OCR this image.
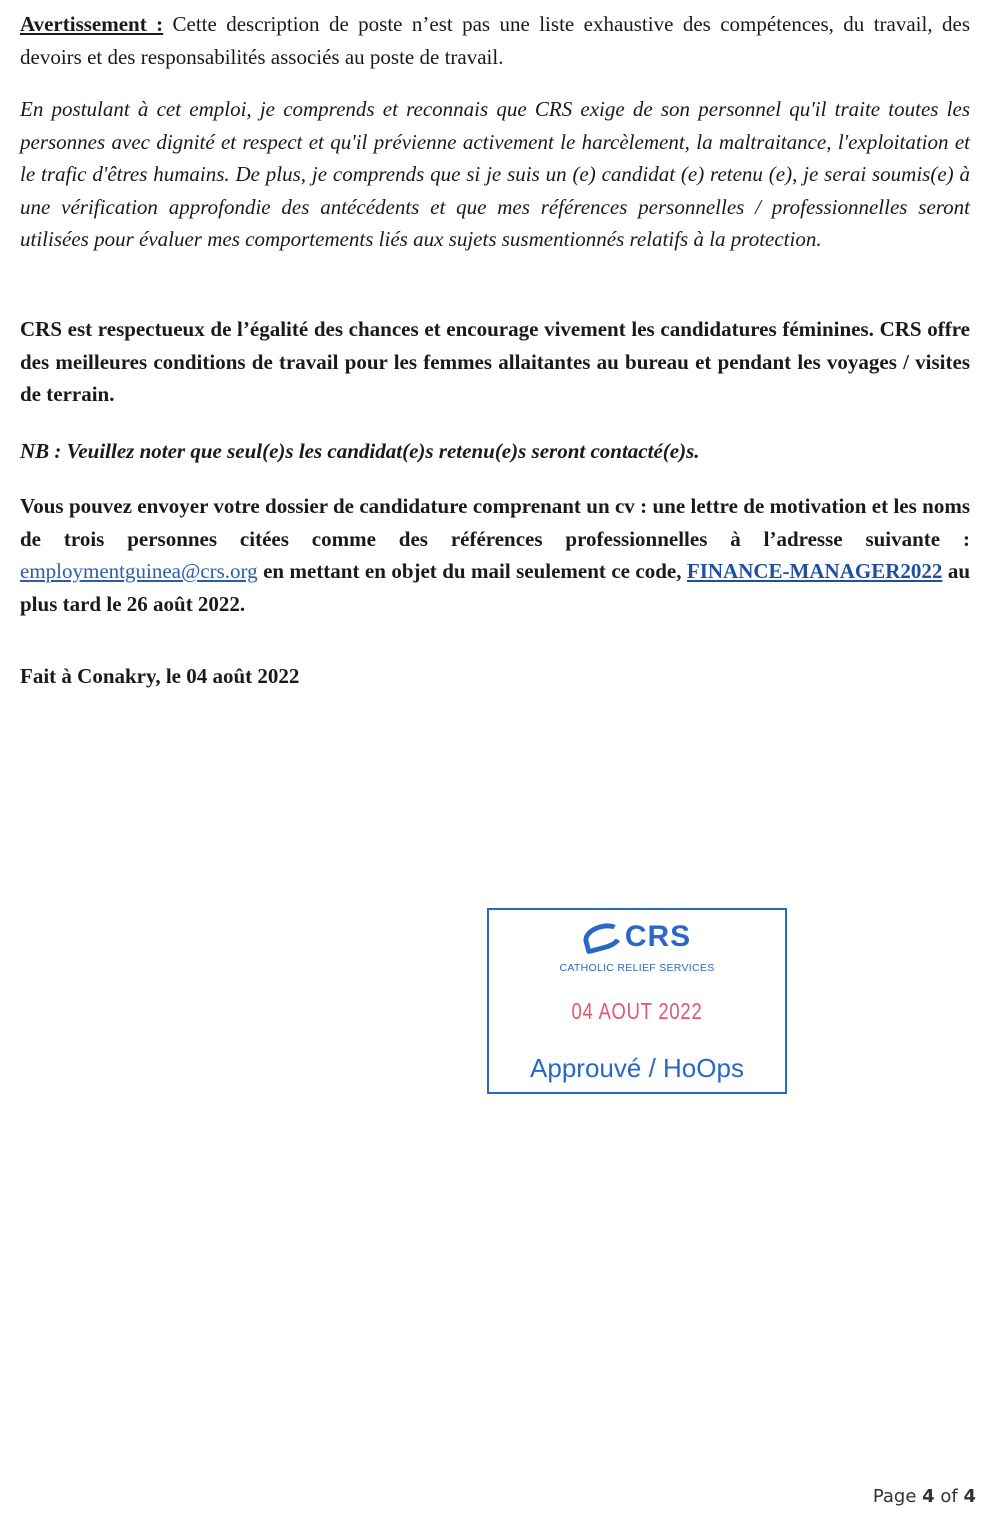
Avertissement : Cette description de poste n’est pas une liste exhaustive des compétences, du travail, des devoirs et des responsabilités associés au poste de travail.

En postulant à cet emploi, je comprends et reconnais que CRS exige de son personnel qu'il traite toutes les personnes avec dignité et respect et qu'il prévienne activement le harcèlement, la maltraitance, l'exploitation et le trafic d'êtres humains. De plus, je comprends que si je suis un (e) candidat (e) retenu (e), je serai soumis(e) à une vérification approfondie des antécédents et que mes références personnelles / professionnelles seront utilisées pour évaluer mes comportements liés aux sujets susmentionnés relatifs à la protection.

CRS est respectueux de l’égalité des chances et encourage vivement les candidatures féminines. CRS offre des meilleures conditions de travail pour les femmes allaitantes au bureau et pendant les voyages / visites de terrain.

NB : Veuillez noter que seul(e)s les candidat(e)s retenu(e)s seront contacté(e)s.

Vous pouvez envoyer votre dossier de candidature comprenant un cv : une lettre de motivation et les noms de trois personnes citées comme des références professionnelles à l’adresse suivante : employmentguinea@crs.org en mettant en objet du mail seulement ce code, FINANCE-MANAGER2022 au plus tard le 26 août 2022.

Fait à Conakry, le 04 août 2022

CRS
CATHOLIC RELIEF SERVICES
04 AOUT 2022
Approuvé / HoOps
Page 4 of 4
